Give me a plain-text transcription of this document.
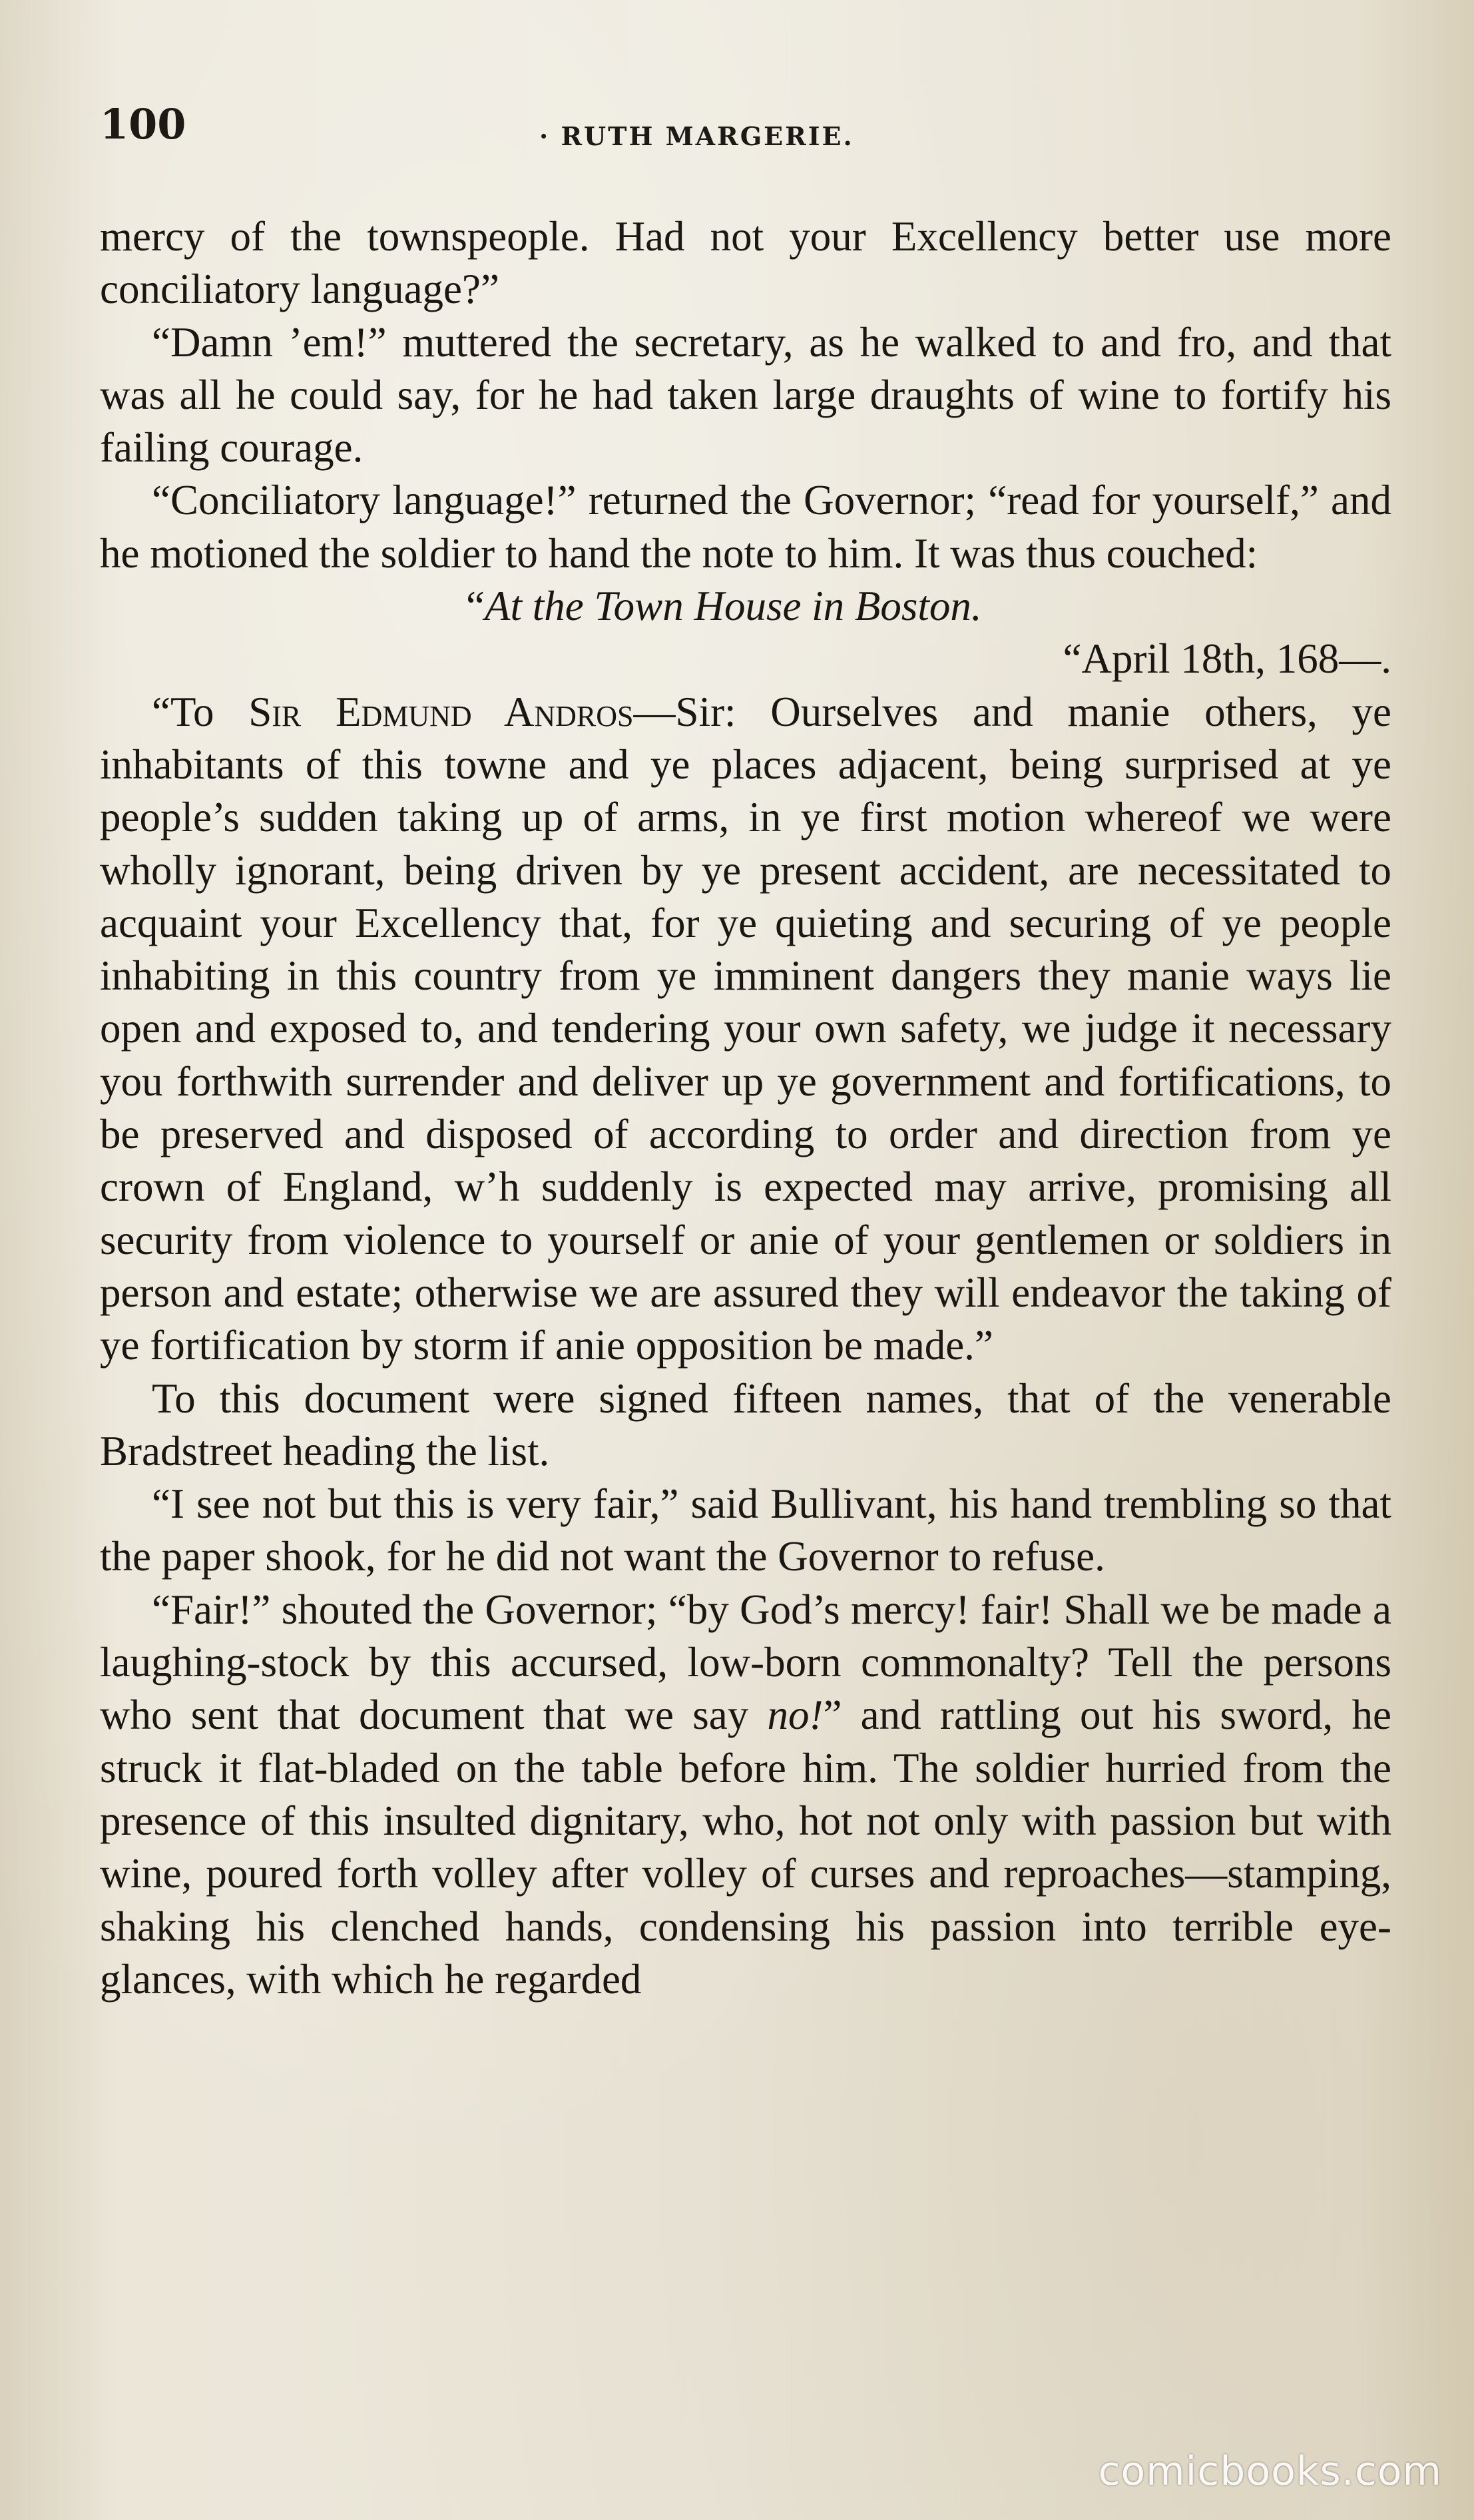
100	· RUTH MARGERIE.

mercy of the townspeople. Had not your Excellency better use more conciliatory language?”

“Damn ’em!” muttered the secretary, as he walked to and fro, and that was all he could say, for he had taken large draughts of wine to fortify his failing courage.

“Conciliatory language!” returned the Governor; “read for yourself,” and he motioned the soldier to hand the note to him. It was thus couched:

“At the Town House in Boston.

“April 18th, 168—.

“To Sir Edmund Andros—Sir: Ourselves and manie others, ye inhabitants of this towne and ye places adjacent, being surprised at ye people’s sudden taking up of arms, in ye first motion whereof we were wholly ignorant, being driven by ye present accident, are necessitated to acquaint your Excellency that, for ye quieting and securing of ye people inhabiting in this country from ye imminent dangers they manie ways lie open and exposed to, and tendering your own safety, we judge it necessary you forthwith surrender and deliver up ye government and fortifications, to be preserved and disposed of according to order and direction from ye crown of England, w’h suddenly is expected may arrive, promising all security from violence to yourself or anie of your gentlemen or soldiers in person and estate; otherwise we are assured they will endeavor the taking of ye fortification by storm if anie opposition be made.”

To this document were signed fifteen names, that of the venerable Bradstreet heading the list.

“I see not but this is very fair,” said Bullivant, his hand trembling so that the paper shook, for he did not want the Governor to refuse.

“Fair!” shouted the Governor; “by God’s mercy! fair! Shall we be made a laughing-stock by this accursed, low-born commonalty? Tell the persons who sent that document that we say no!” and rattling out his sword, he struck it flat-bladed on the table before him. The soldier hurried from the presence of this insulted dignitary, who, hot not only with passion but with wine, poured forth volley after volley of curses and reproaches—stamping, shaking his clenched hands, condensing his passion into terrible eye-glances, with which he regarded

comicbooks.com
